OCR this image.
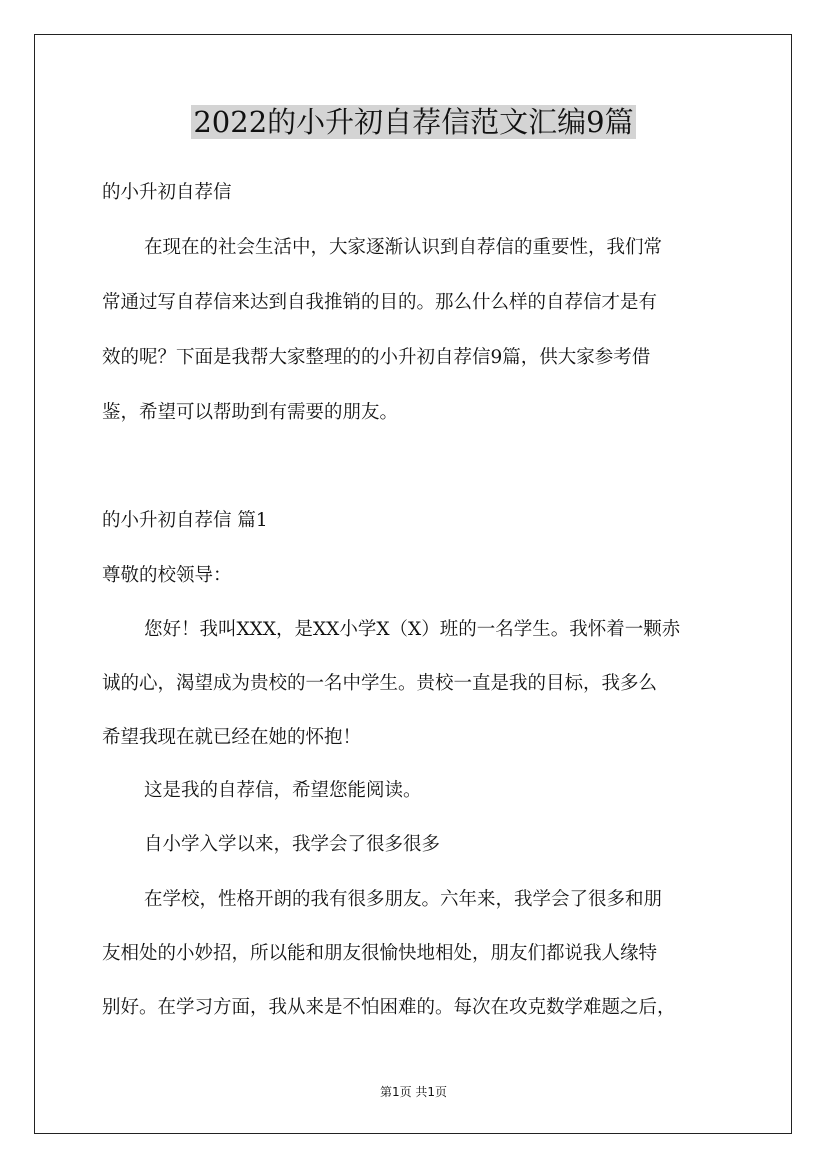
2022的小升初自荐信范文汇编9篇

的小升初自荐信

在现在的社会生活中，大家逐渐认识到自荐信的重要性，我们常

常通过写自荐信来达到自我推销的目的。那么什么样的自荐信才是有

效的呢？下面是我帮大家整理的的小升初自荐信9篇，供大家参考借

鉴，希望可以帮助到有需要的朋友。

的小升初自荐信 篇1

尊敬的校领导：

您好！我叫XXX，是XX小学X（X）班的一名学生。我怀着一颗赤

诚的心，渴望成为贵校的一名中学生。贵校一直是我的目标，我多么

希望我现在就已经在她的怀抱！

这是我的自荐信，希望您能阅读。

自小学入学以来，我学会了很多很多

在学校，性格开朗的我有很多朋友。六年来，我学会了很多和朋

友相处的小妙招，所以能和朋友很愉快地相处，朋友们都说我人缘特

别好。在学习方面，我从来是不怕困难的。每次在攻克数学难题之后，

第1页 共1页
